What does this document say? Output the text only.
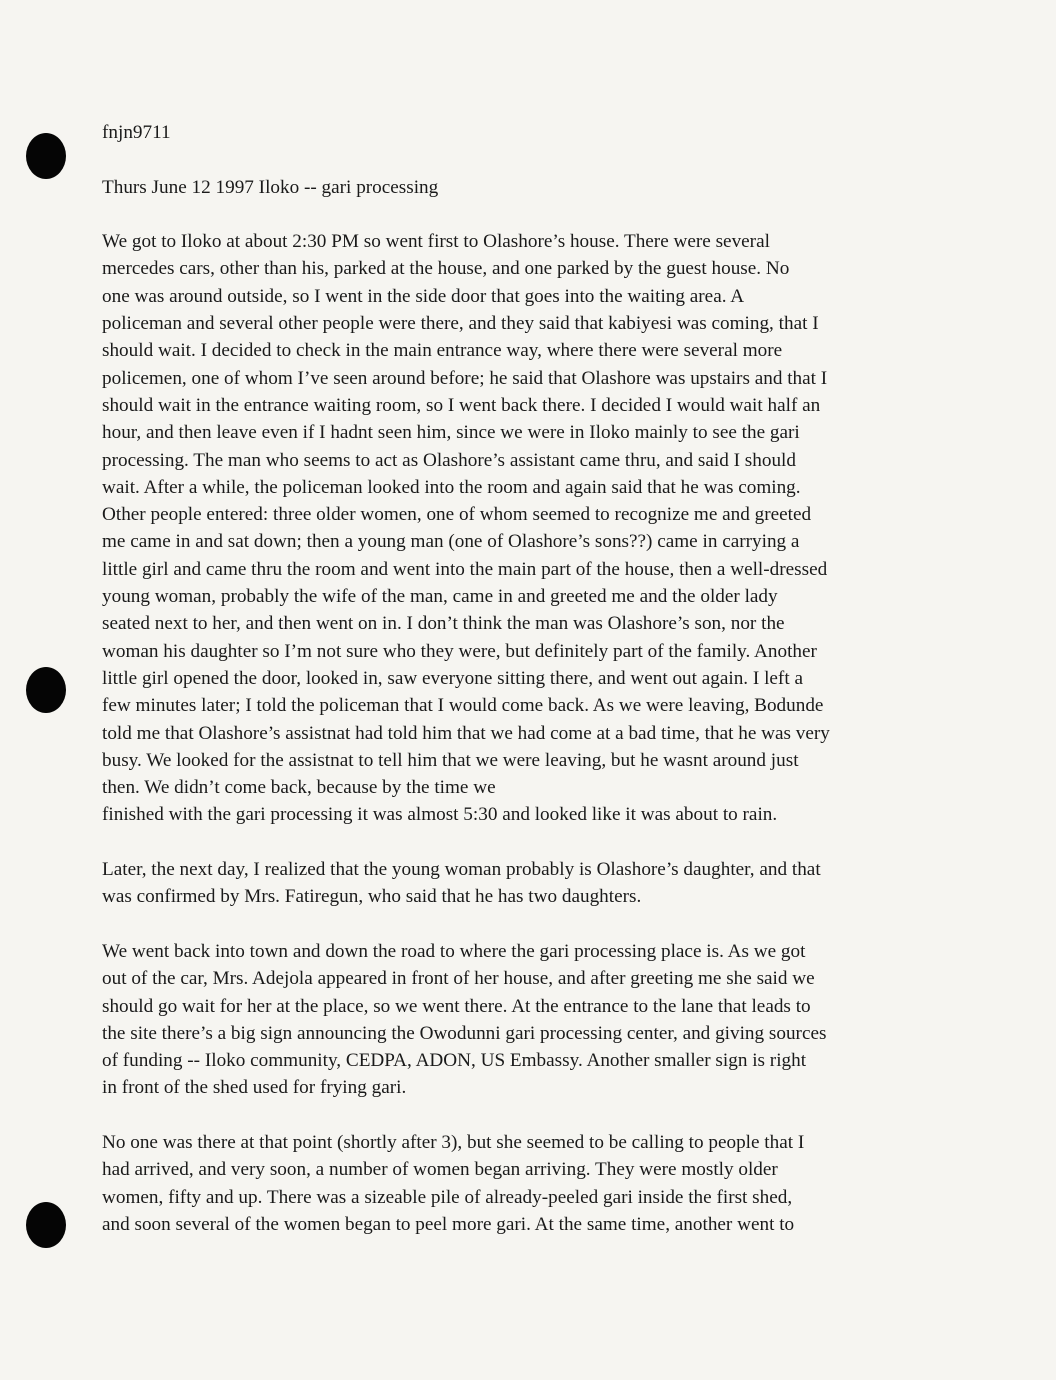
fnjn9711
Thurs June 12 1997 Iloko -- gari processing
We got to Iloko at about 2:30 PM so went first to Olashore’s house. There were several
mercedes cars, other than his, parked at the house, and one parked by the guest house. No
one was around outside, so I went in the side door that goes into the waiting area. A
policeman and several other people were there, and they said that kabiyesi was coming, that I
should wait. I decided to check in the main entrance way, where there were several more
policemen, one of whom I’ve seen around before; he said that Olashore was upstairs and that I
should wait in the entrance waiting room, so I went back there. I decided I would wait half an
hour, and then leave even if I hadnt seen him, since we were in Iloko mainly to see the gari
processing. The man who seems to act as Olashore’s assistant came thru, and said I should
wait. After a while, the policeman looked into the room and again said that he was coming.
Other people entered: three older women, one of whom seemed to recognize me and greeted
me came in and sat down; then a young man (one of Olashore’s sons??) came in carrying a
little girl and came thru the room and went into the main part of the house, then a well-dressed
young woman, probably the wife of the man, came in and greeted me and the older lady
seated next to her, and then went on in. I don’t think the man was Olashore’s son, nor the
woman his daughter so I’m not sure who they were, but definitely part of the family. Another
little girl opened the door, looked in, saw everyone sitting there, and went out again. I left a
few minutes later; I told the policeman that I would come back. As we were leaving, Bodunde
told me that Olashore’s assistnat had told him that we had come at a bad time, that he was very
busy. We looked for the assistnat to tell him that we were leaving, but he wasnt around just
then. We didn’t come back, because by the time we
finished with the gari processing it was almost 5:30 and looked like it was about to rain.
Later, the next day, I realized that the young woman probably is Olashore’s daughter, and that
was confirmed by Mrs. Fatiregun, who said that he has two daughters.
We went back into town and down the road to where the gari processing place is. As we got
out of the car, Mrs. Adejola appeared in front of her house, and after greeting me she said we
should go wait for her at the place, so we went there. At the entrance to the lane that leads to
the site there’s a big sign announcing the Owodunni gari processing center, and giving sources
of funding -- Iloko community, CEDPA, ADON, US Embassy. Another smaller sign is right
in front of the shed used for frying gari.
No one was there at that point (shortly after 3), but she seemed to be calling to people that I
had arrived, and very soon, a number of women began arriving. They were mostly older
women, fifty and up. There was a sizeable pile of already-peeled gari inside the first shed,
and soon several of the women began to peel more gari. At the same time, another went to
